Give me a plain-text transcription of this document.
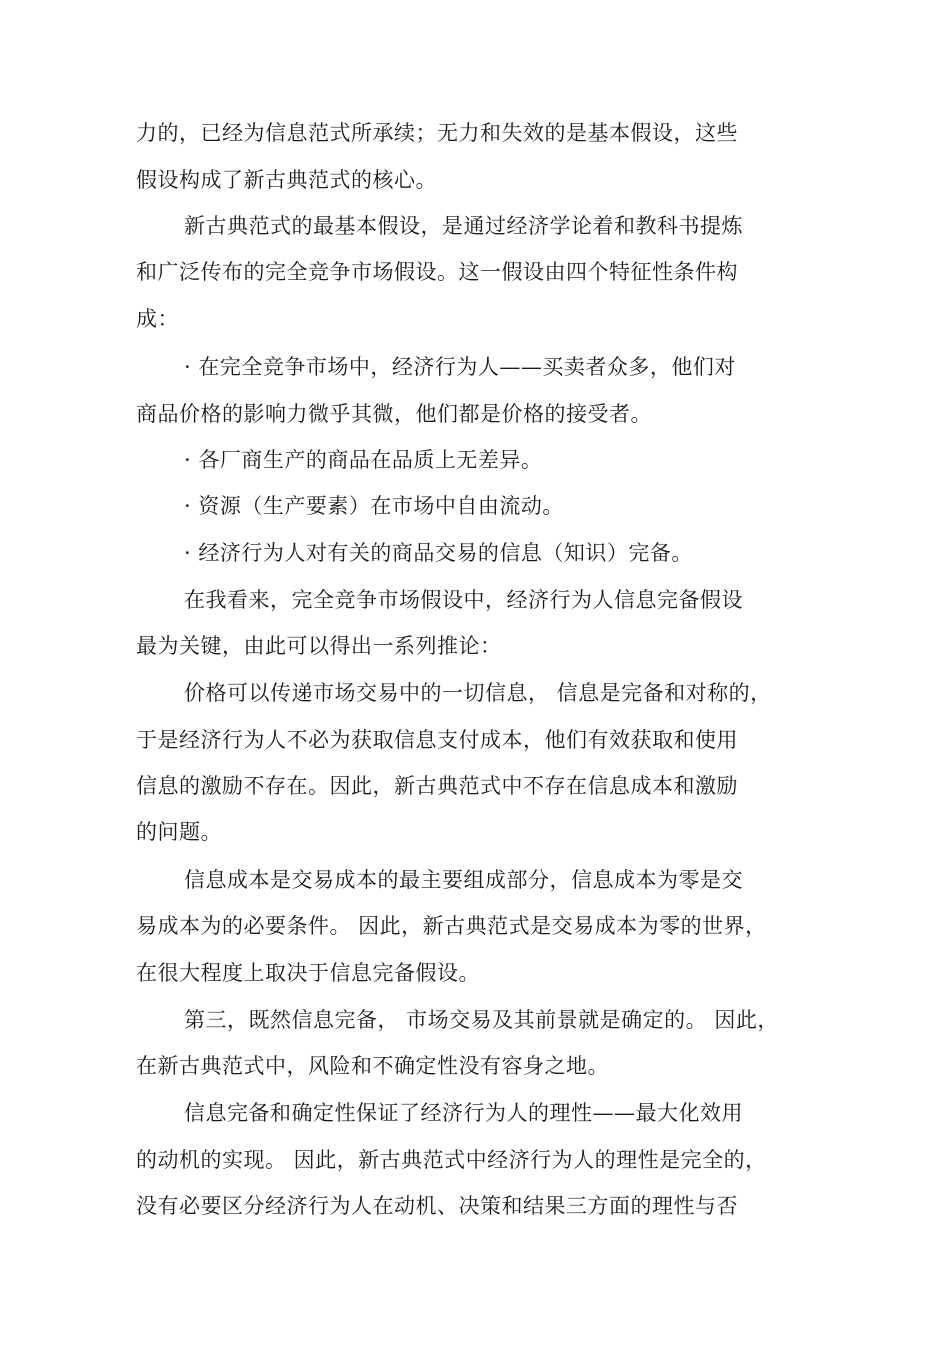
力的，已经为信息范式所承续；无力和失效的是基本假设，这些
假设构成了新古典范式的核心。
新古典范式的最基本假设，是通过经济学论着和教科书提炼
和广泛传布的完全竞争市场假设。这一假设由四个特征性条件构
成：
· 在完全竞争市场中，经济行为人——买卖者众多，他们对
商品价格的影响力微乎其微，他们都是价格的接受者。
· 各厂商生产的商品在品质上无差异。
· 资源（生产要素）在市场中自由流动。
· 经济行为人对有关的商品交易的信息（知识）完备。
在我看来，完全竞争市场假设中，经济行为人信息完备假设
最为关键，由此可以得出一系列推论：
价格可以传递市场交易中的一切信息， 信息是完备和对称的，
于是经济行为人不必为获取信息支付成本，他们有效获取和使用
信息的激励不存在。因此，新古典范式中不存在信息成本和激励
的问题。
信息成本是交易成本的最主要组成部分，信息成本为零是交
易成本为的必要条件。 因此，新古典范式是交易成本为零的世界，
在很大程度上取决于信息完备假设。
第三，既然信息完备， 市场交易及其前景就是确定的。 因此，
在新古典范式中，风险和不确定性没有容身之地。
信息完备和确定性保证了经济行为人的理性——最大化效用
的动机的实现。 因此，新古典范式中经济行为人的理性是完全的，
没有必要区分经济行为人在动机、决策和结果三方面的理性与否
